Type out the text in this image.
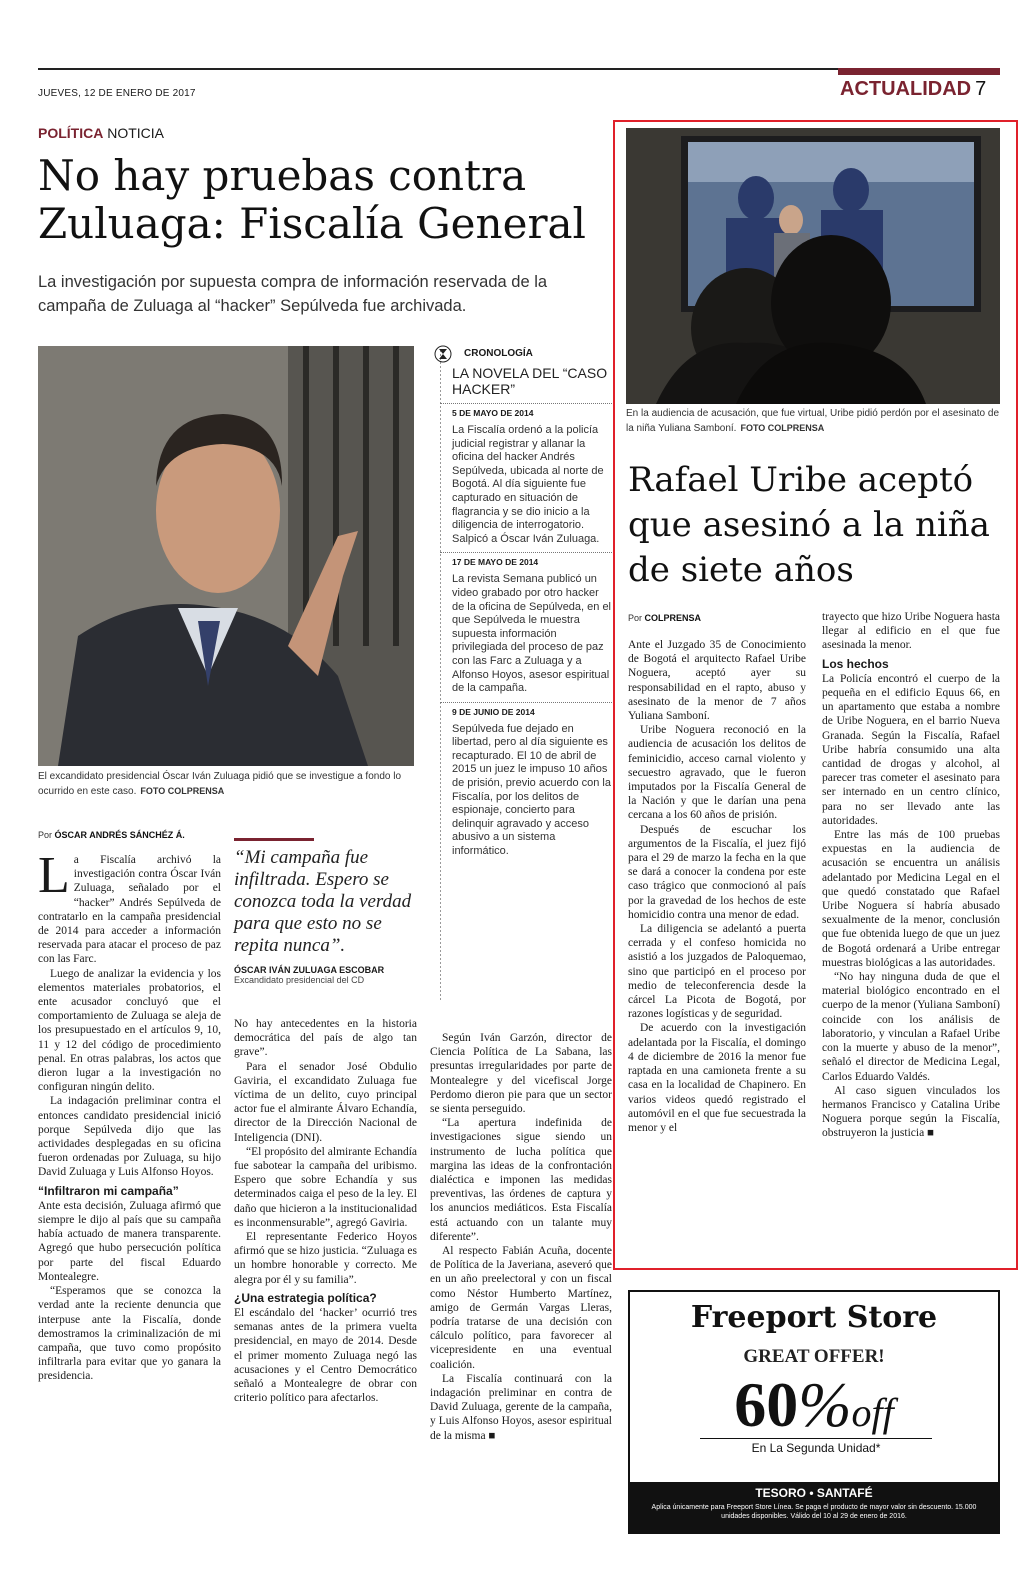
JUEVES, 12 DE ENERO DE 2017	ACTUALIDAD 7
POLÍTICA NOTICIA
No hay pruebas contra Zuluaga: Fiscalía General
La investigación por supuesta compra de información reservada de la campaña de Zuluaga al “hacker” Sepúlveda fue archivada.
El excandidato presidencial Óscar Iván Zuluaga pidió que se investigue a fondo lo ocurrido en este caso. FOTO COLPRENSA
Por ÓSCAR ANDRÉS SÁNCHÉZ Á.

La Fiscalía archivó la investigación contra Óscar Iván Zuluaga, señalado por el “hacker” Andrés Sepúlveda de contratarlo en la campaña presidencial de 2014 para acceder a información reservada para atacar el proceso de paz con las Farc.

Luego de analizar la evidencia y los elementos materiales probatorios, el ente acusador concluyó que el comportamiento de Zuluaga se aleja de los presupuestado en el artículos 9, 10, 11 y 12 del código de procedimiento penal. En otras palabras, los actos que dieron lugar a la investigación no configuran ningún delito.

La indagación preliminar contra el entonces candidato presidencial inició porque Sepúlveda dijo que las actividades desplegadas en su oficina fueron ordenadas por Zuluaga, su hijo David Zuluaga y Luis Alfonso Hoyos.

“Infiltraron mi campaña”

Ante esta decisión, Zuluaga afirmó que siempre le dijo al país que su campaña había actuado de manera transparente. Agregó que hubo persecución política por parte del fiscal Eduardo Montealegre.

“Esperamos que se conozca la verdad ante la reciente denuncia que interpuse ante la Fiscalía, donde demostramos la criminalización de mi campaña, que tuvo como propósito infiltrarla para evitar que yo ganara la presidencia.

“Mi campaña fue infiltrada. Espero se conozca toda la verdad para que esto no se repita nunca”.
ÓSCAR IVÁN ZULUAGA ESCOBAR
Excandidato presidencial del CD

No hay antecedentes en la historia democrática del país de algo tan grave”.

Para el senador José Obdulio Gaviria, el excandidato Zuluaga fue víctima de un delito, cuyo principal actor fue el almirante Álvaro Echandía, director de la Dirección Nacional de Inteligencia (DNI).

“El propósito del almirante Echandía fue sabotear la campaña del uribismo. Espero que sobre Echandía y sus determinados caiga el peso de la ley. El daño que hicieron a la institucionalidad es inconmensurable”, agregó Gaviria.

El representante Federico Hoyos afirmó que se hizo justicia. “Zuluaga es un hombre honorable y correcto. Me alegra por él y su familia”.

¿Una estrategia política?

El escándalo del ‘hacker’ ocurrió tres semanas antes de la primera vuelta presidencial, en mayo de 2014. Desde el primer momento Zuluaga negó las acusaciones y el Centro Democrático señaló a Montealegre de obrar con criterio político para afectarlos.

Según Iván Garzón, director de Ciencia Política de La Sabana, las presuntas irregularidades por parte de Montealegre y del vicefiscal Jorge Perdomo dieron pie para que un sector se sienta perseguido.

“La apertura indefinida de investigaciones sigue siendo un instrumento de lucha política que margina las ideas de la confrontación dialéctica e imponen las medidas preventivas, las órdenes de captura y los anuncios mediáticos. Esta Fiscalía está actuando con un talante muy diferente”.

Al respecto Fabián Acuña, docente de Política de la Javeriana, aseveró que en un año preelectoral y con un fiscal como Néstor Humberto Martínez, amigo de Germán Vargas Lleras, podría tratarse de una decisión con cálculo político, para favorecer al vicepresidente en una eventual coalición.

La Fiscalía continuará con la indagación preliminar en contra de David Zuluaga, gerente de la campaña, y Luis Alfonso Hoyos, asesor espiritual de la misma ■

CRONOLOGÍA
LA NOVELA DEL “CASO HACKER”
5 DE MAYO DE 2014
La Fiscalía ordenó a la policía judicial registrar y allanar la oficina del hacker Andrés Sepúlveda, ubicada al norte de Bogotá. Al día siguiente fue capturado en situación de flagrancia y se dio inicio a la diligencia de interrogatorio. Salpicó a Óscar Iván Zuluaga.
17 DE MAYO DE 2014
La revista Semana publicó un video grabado por otro hacker de la oficina de Sepúlveda, en el que Sepúlveda le muestra supuesta información privilegiada del proceso de paz con las Farc a Zuluaga y a Alfonso Hoyos, asesor espiritual de la campaña.
9 DE JUNIO DE 2014
Sepúlveda fue dejado en libertad, pero al día siguiente es recapturado. El 10 de abril de 2015 un juez le impuso 10 años de prisión, previo acuerdo con la Fiscalía, por los delitos de espionaje, concierto para delinquir agravado y acceso abusivo a un sistema informático.
En la audiencia de acusación, que fue virtual, Uribe pidió perdón por el asesinato de la niña Yuliana Samboní. FOTO COLPRENSA
Rafael Uribe aceptó que asesinó a la niña de siete años
Por COLPRENSA

Ante el Juzgado 35 de Conocimiento de Bogotá el arquitecto Rafael Uribe Noguera, aceptó ayer su responsabilidad en el rapto, abuso y asesinato de la menor de 7 años Yuliana Samboní.

Uribe Noguera reconoció en la audiencia de acusación los delitos de feminicidio, acceso carnal violento y secuestro agravado, que le fueron imputados por la Fiscalía General de la Nación y que le darían una pena cercana a los 60 años de prisión.

Después de escuchar los argumentos de la Fiscalía, el juez fijó para el 29 de marzo la fecha en la que se dará a conocer la condena por este caso trágico que conmocionó al país por la gravedad de los hechos de este homicidio contra una menor de edad.

La diligencia se adelantó a puerta cerrada y el confeso homicida no asistió a los juzgados de Paloquemao, sino que participó en el proceso por medio de teleconferencia desde la cárcel La Picota de Bogotá, por razones logísticas y de seguridad.

De acuerdo con la investigación adelantada por la Fiscalía, el domingo 4 de diciembre de 2016 la menor fue raptada en una camioneta frente a su casa en la localidad de Chapinero. En varios videos quedó registrado el automóvil en el que fue secuestrada la menor y el

trayecto que hizo Uribe Noguera hasta llegar al edificio en el que fue asesinada la menor.

Los hechos

La Policía encontró el cuerpo de la pequeña en el edificio Equus 66, en un apartamento que estaba a nombre de Uribe Noguera, en el barrio Nueva Granada. Según la Fiscalía, Rafael Uribe habría consumido una alta cantidad de drogas y alcohol, al parecer tras cometer el asesinato para ser internado en un centro clínico, para no ser llevado ante las autoridades.

Entre las más de 100 pruebas expuestas en la audiencia de acusación se encuentra un análisis adelantado por Medicina Legal en el que quedó constatado que Rafael Uribe Noguera sí habría abusado sexualmente de la menor, conclusión que fue obtenida luego de que un juez de Bogotá ordenará a Uribe entregar muestras biológicas a las autoridades.

“No hay ninguna duda de que el material biológico encontrado en el cuerpo de la menor (Yuliana Samboní) coincide con los análisis de laboratorio, y vinculan a Rafael Uribe con la muerte y abuso de la menor”, señaló el director de Medicina Legal, Carlos Eduardo Valdés.

Al caso siguen vinculados los hermanos Francisco y Catalina Uribe Noguera porque según la Fiscalía, obstruyeron la justicia ■

Freeport Store
GREAT OFFER!
60%off
En La Segunda Unidad*
TESORO • SANTAFÉ
Aplica únicamente para Freeport Store Línea. Se paga el producto de mayor valor sin descuento. 15.000 unidades disponibles. Válido del 10 al 29 de enero de 2016.
